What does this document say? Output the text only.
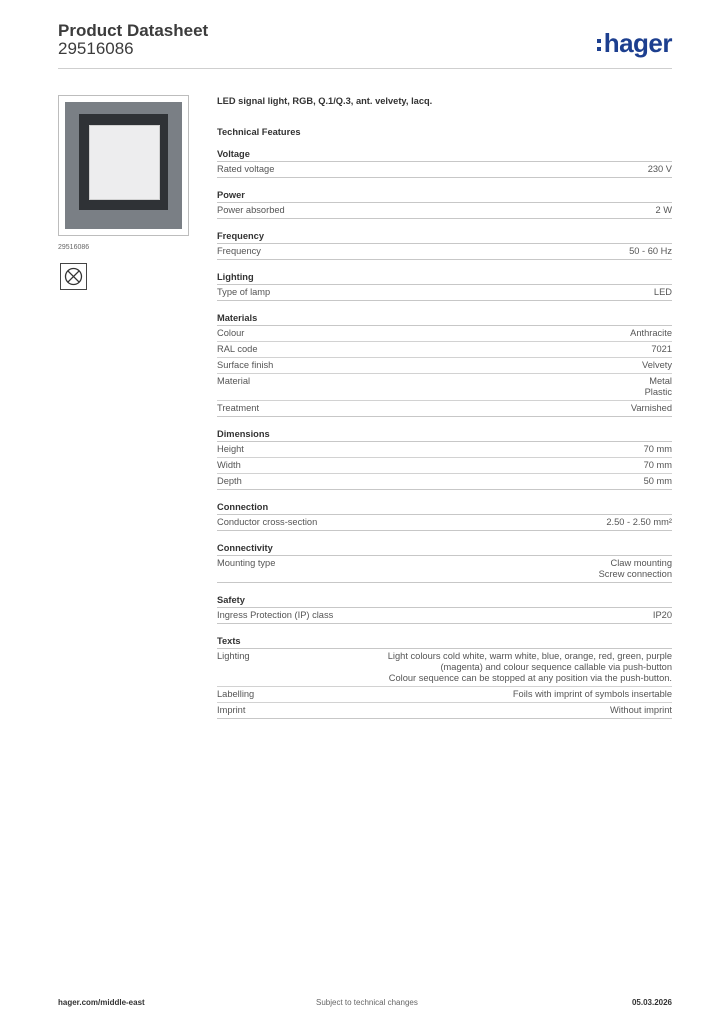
Product Datasheet
29516086	hager
29516086
LED signal light, RGB, Q.1/Q.3, ant. velvety, lacq.
Technical Features
Voltage
Rated voltage	230 V
Power
Power absorbed	2 W
Frequency
Frequency	50 - 60 Hz
Lighting
Type of lamp	LED
Materials
Colour	Anthracite
RAL code	7021
Surface finish	Velvety
Material	Metal
Plastic
Treatment	Varnished
Dimensions
Height	70 mm
Width	70 mm
Depth	50 mm
Connection
Conductor cross-section	2.50 - 2.50 mm²
Connectivity
Mounting type	Claw mounting
Screw connection
Safety
Ingress Protection (IP) class	IP20
Texts
Lighting	Light colours cold white, warm white, blue, orange, red, green, purple
(magenta) and colour sequence callable via push-button
Colour sequence can be stopped at any position via the push-button.
Labelling	Foils with imprint of symbols insertable
Imprint	Without imprint
hager.com/middle-east	Subject to technical changes	05.03.2026
